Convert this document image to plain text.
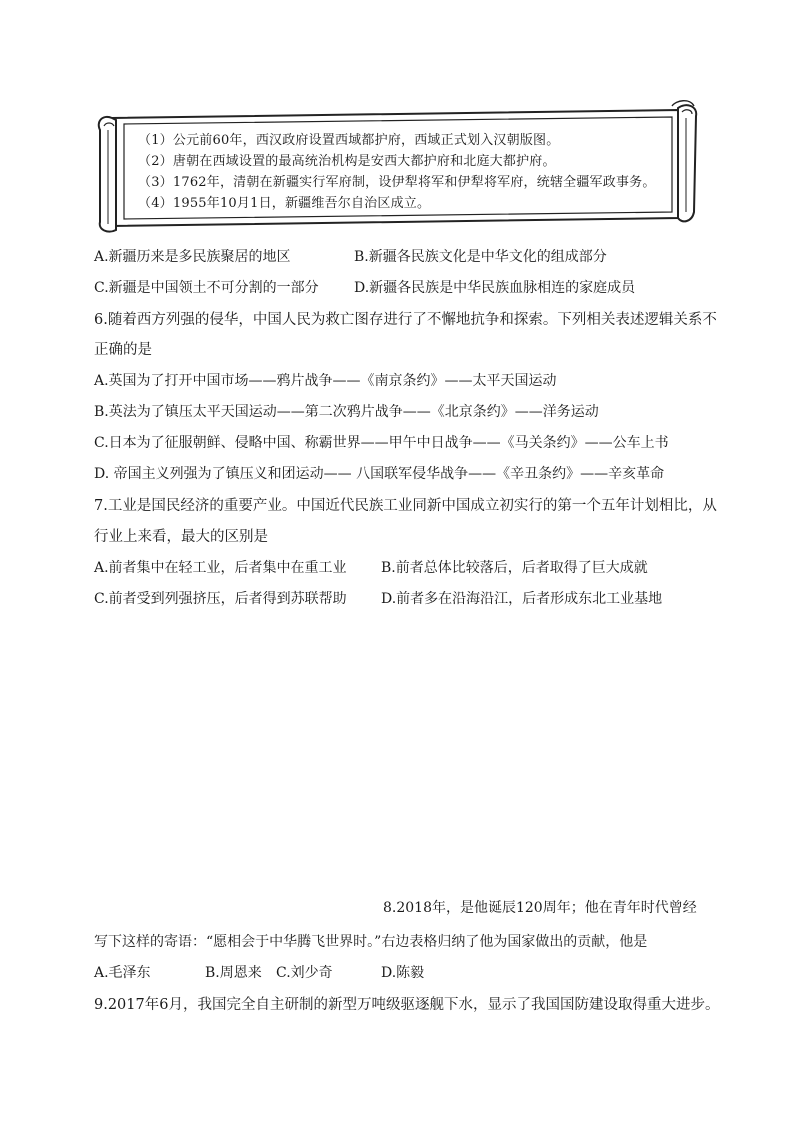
（1）公元前60年，西汉政府设置西域都护府，西域正式划入汉朝版图。
（2）唐朝在西域设置的最高统治机构是安西大都护府和北庭大都护府。
（3）1762年，清朝在新疆实行军府制，设伊犁将军和伊犁将军府，统辖全疆军政事务。
（4）1955年10月1日，新疆维吾尔自治区成立。
A.新疆历来是多民族聚居的地区	B.新疆各民族文化是中华文化的组成部分
C.新疆是中国领土不可分割的一部分	D.新疆各民族是中华民族血脉相连的家庭成员
6.随着西方列强的侵华，中国人民为救亡图存进行了不懈地抗争和探索。下列相关表述逻辑关系不
正确的是
A.英国为了打开中国市场——鸦片战争——《南京条约》——太平天国运动
B.英法为了镇压太平天国运动——第二次鸦片战争——《北京条约》——洋务运动
C.日本为了征服朝鲜、侵略中国、称霸世界——甲午中日战争——《马关条约》——公车上书
D. 帝国主义列强为了镇压义和团运动—— 八国联军侵华战争——《辛丑条约》——辛亥革命
7.工业是国民经济的重要产业。中国近代民族工业同新中国成立初实行的第一个五年计划相比，从
行业上来看，最大的区别是
A.前者集中在轻工业，后者集中在重工业 B.前者总体比较落后，后者取得了巨大成就
C.前者受到列强挤压，后者得到苏联帮助 D.前者多在沿海沿江，后者形成东北工业基地
8.2018年，是他诞辰120周年；他在青年时代曾经
写下这样的寄语：“愿相会于中华腾飞世界时。”右边表格归纳了他为国家做出的贡献，他是
A.毛泽东	B.周恩来 C.刘少奇	D.陈毅
9.2017年6月，我国完全自主研制的新型万吨级驱逐舰下水，显示了我国国防建设取得重大进步。
